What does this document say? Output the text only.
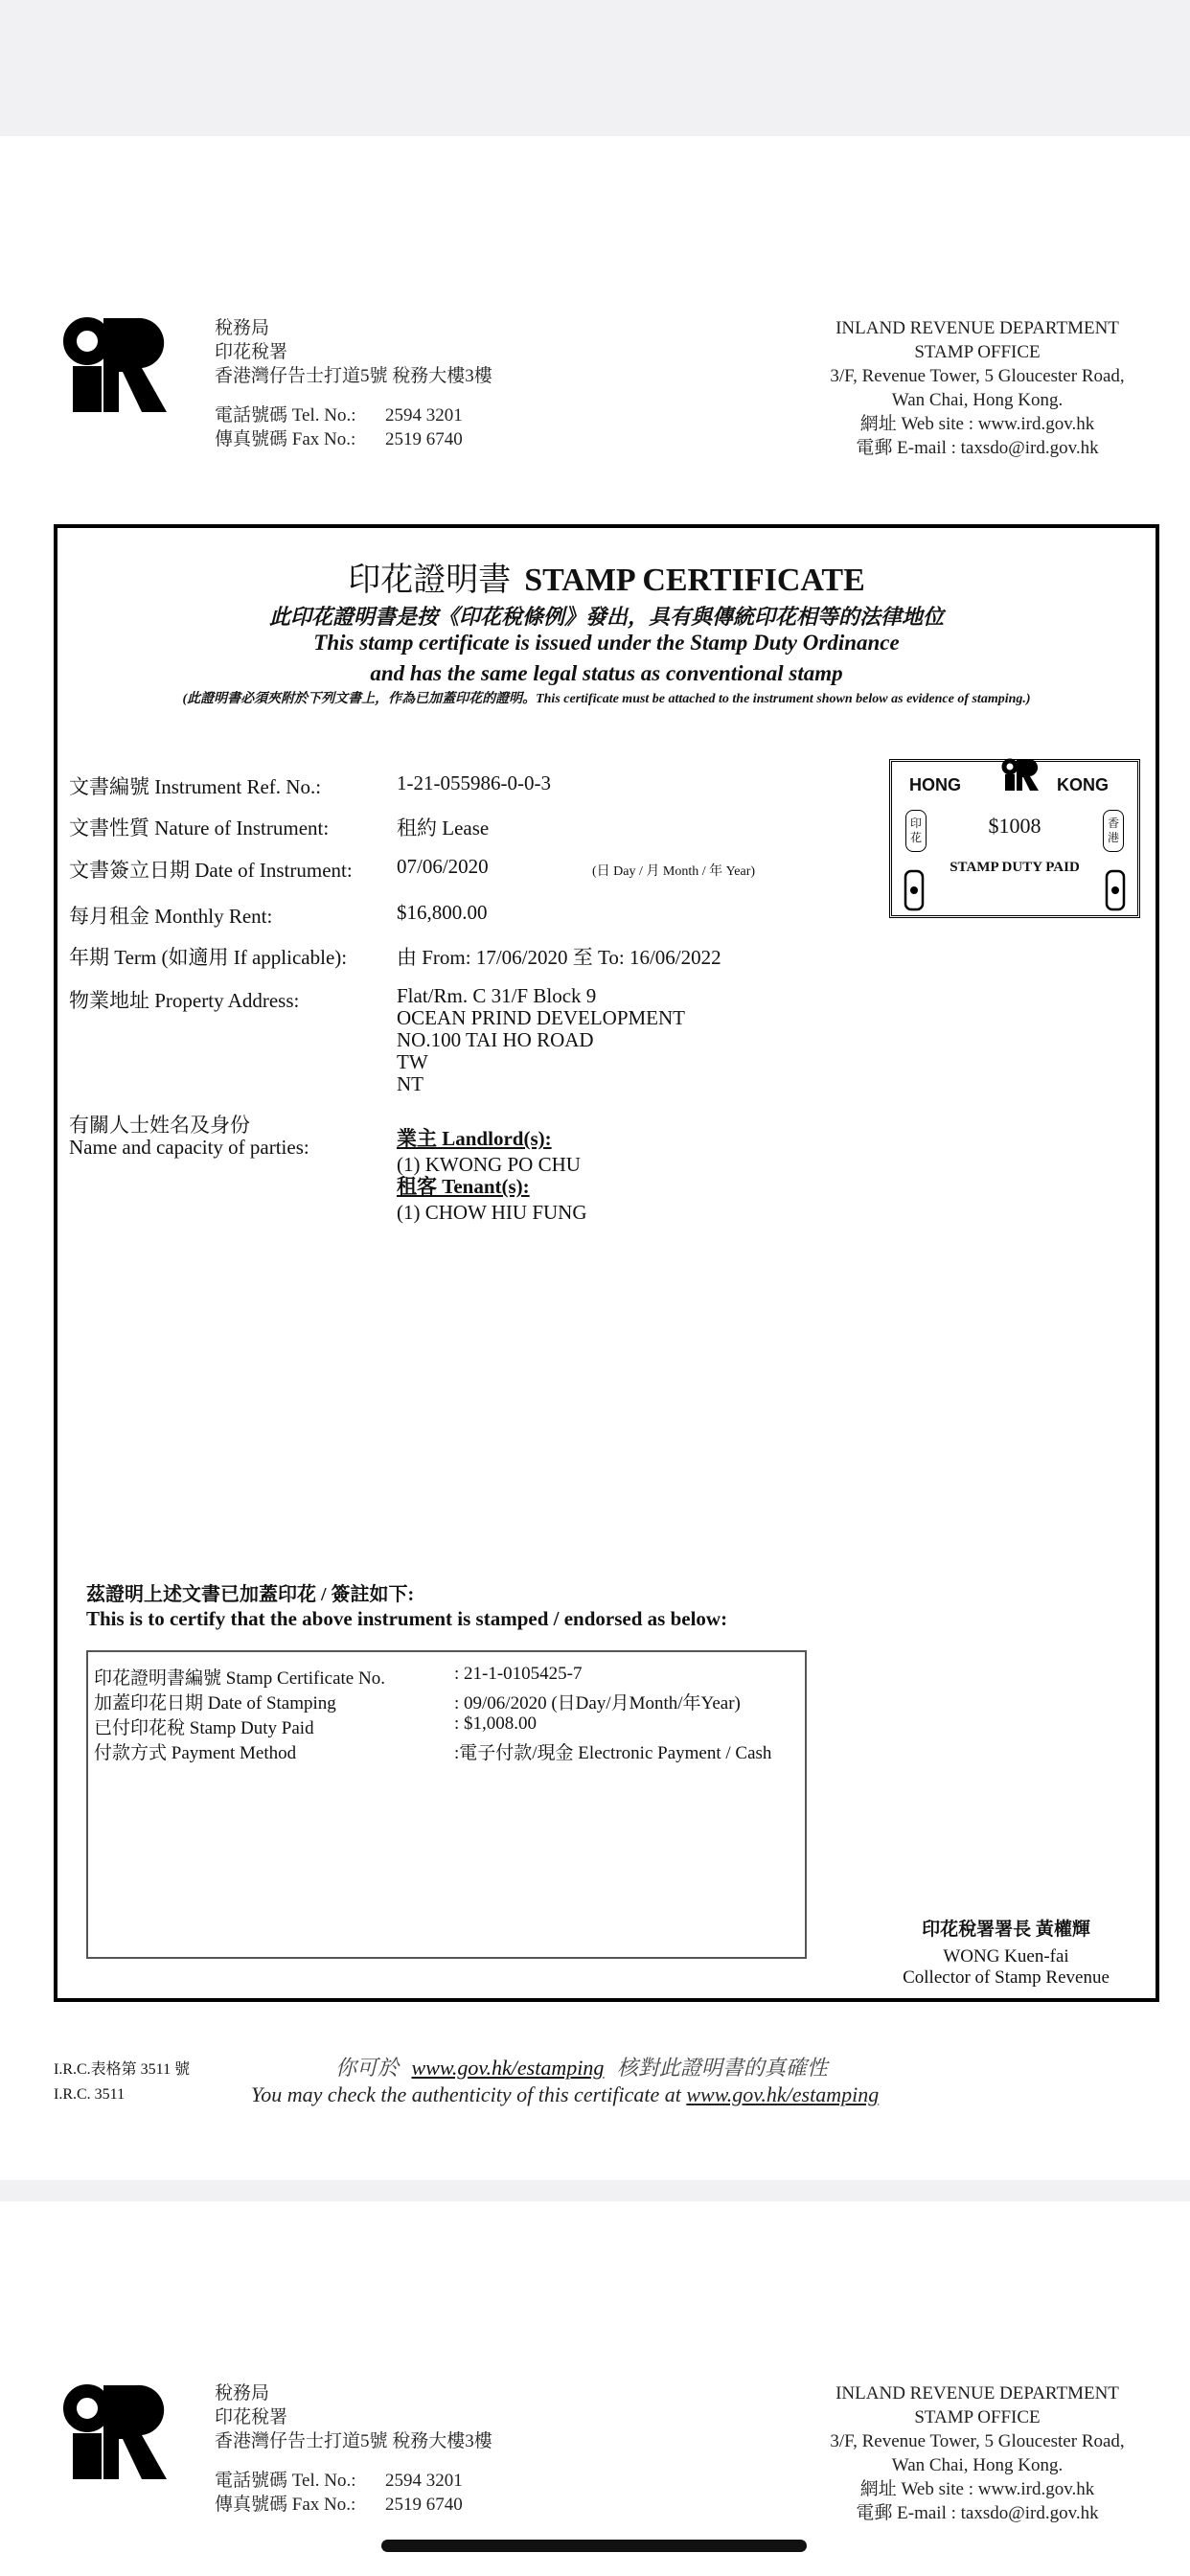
稅務局
印花稅署
香港灣仔告士打道5號 稅務大樓3樓
電話號碼 Tel. No.:	2594 3201
傳真號碼 Fax No.:	2519 6740
INLAND REVENUE DEPARTMENT
STAMP OFFICE
3/F, Revenue Tower, 5 Gloucester Road,
Wan Chai, Hong Kong.
網址 Web site : www.ird.gov.hk
電郵 E-mail : taxsdo@ird.gov.hk
印花證明書 STAMP CERTIFICATE
此印花證明書是按《印花稅條例》發出，具有與傳統印花相等的法律地位
This stamp certificate is issued under the Stamp Duty Ordinance
and has the same legal status as conventional stamp
(此證明書必須夾附於下列文書上，作為已加蓋印花的證明。This certificate must be attached to the instrument shown below as evidence of stamping.)
文書編號 Instrument Ref. No.:	1-21-055986-0-0-3
文書性質 Nature of Instrument:	租約 Lease
文書簽立日期 Date of Instrument: 07/06/2020	(日 Day / 月 Month / 年 Year)
每月租金 Monthly Rent:	$16,800.00
年期 Term (如適用 If applicable): 由 From: 17/06/2020 至 To: 16/06/2022
物業地址 Property Address:	Flat/Rm. C 31/F Block 9
OCEAN PRIND DEVELOPMENT
NO.100 TAI HO ROAD
TW
NT
有關人士姓名及身份
Name and capacity of parties:	業主 Landlord(s):
(1) KWONG PO CHU
租客 Tenant(s):
(1) CHOW HIU FUNG
HONG	KONG
$1008
STAMP DUTY PAID
印花
香港
茲證明上述文書已加蓋印花 / 簽註如下:
This is to certify that the above instrument is stamped / endorsed as below:
印花證明書編號 Stamp Certificate No.	: 21-1-0105425-7
加蓋印花日期 Date of Stamping	: 09/06/2020 (日Day/月Month/年Year)
已付印花稅 Stamp Duty Paid	: $1,008.00
付款方式 Payment Method	:電子付款/現金 Electronic Payment / Cash
印花稅署署長 黃權輝
WONG Kuen-fai
Collector of Stamp Revenue
I.R.C.表格第 3511 號
I.R.C. 3511
你可於 www.gov.hk/estamping 核對此證明書的真確性
You may check the authenticity of this certificate at www.gov.hk/estamping
稅務局
印花稅署
香港灣仔告士打道5號 稅務大樓3樓
電話號碼 Tel. No.:	2594 3201
傳真號碼 Fax No.:	2519 6740
INLAND REVENUE DEPARTMENT
STAMP OFFICE
3/F, Revenue Tower, 5 Gloucester Road,
Wan Chai, Hong Kong.
網址 Web site : www.ird.gov.hk
電郵 E-mail : taxsdo@ird.gov.hk
